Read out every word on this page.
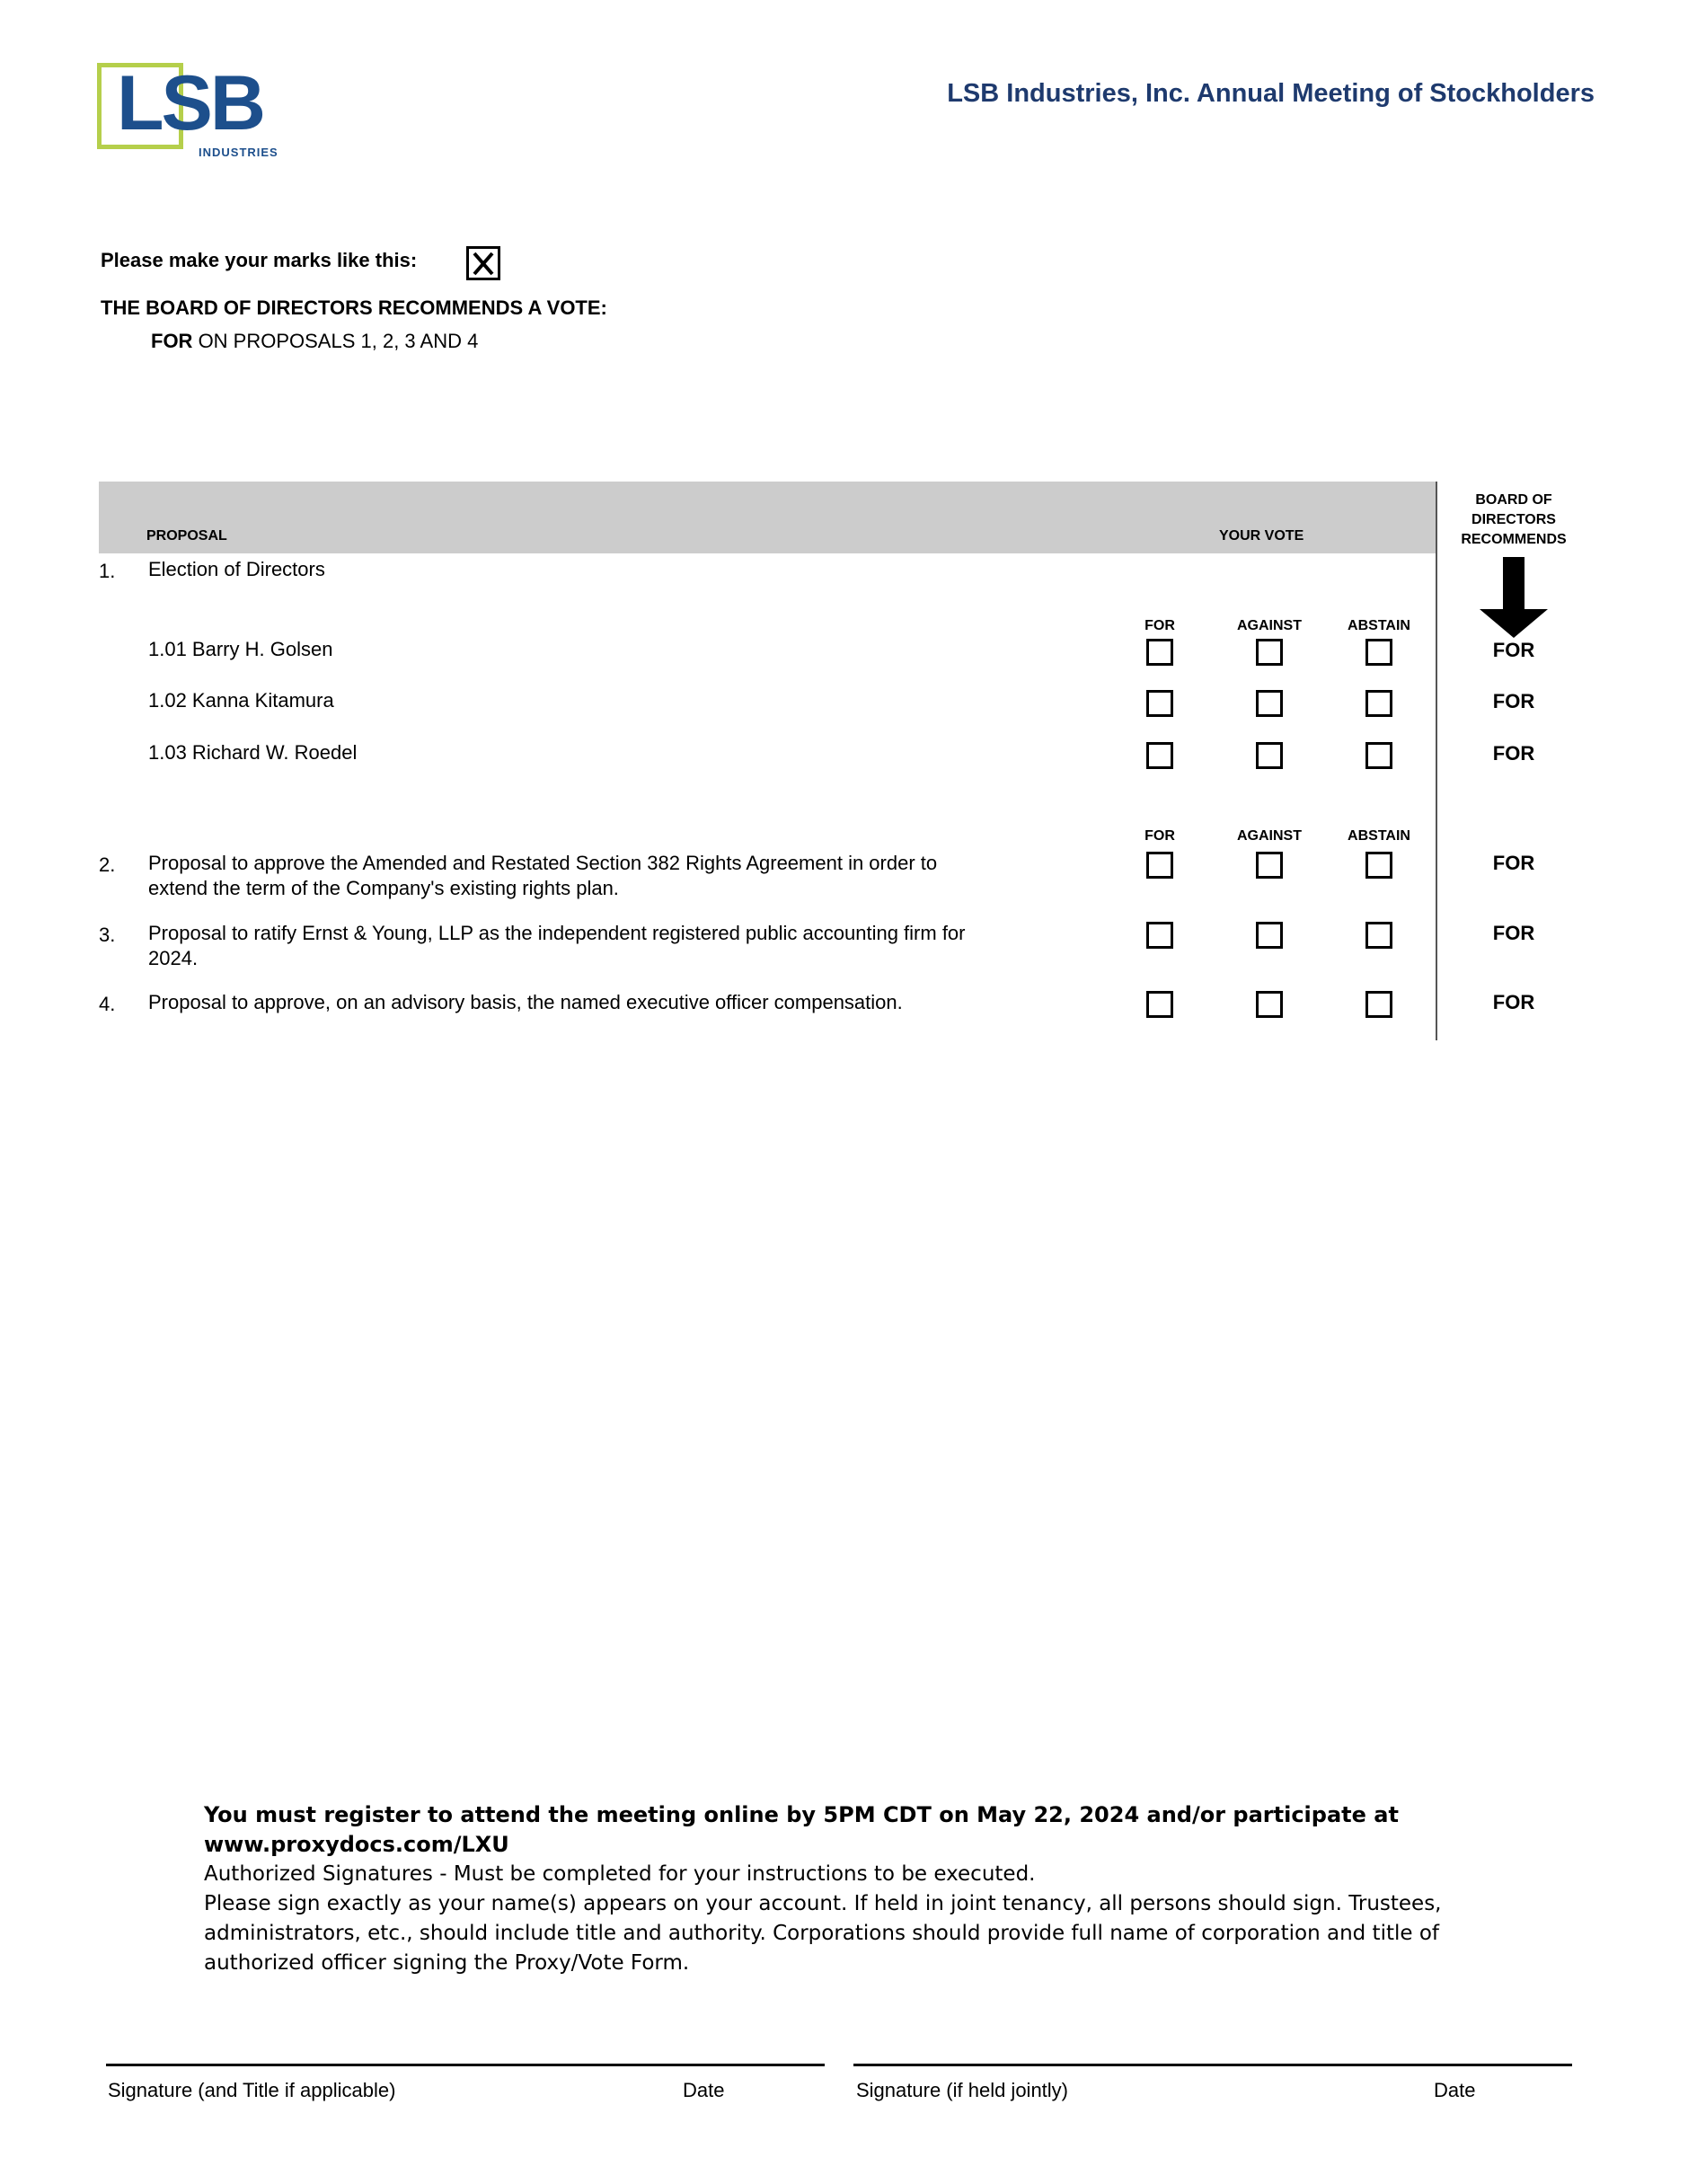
LSB
INDUSTRIES
LSB Industries, Inc. Annual Meeting of Stockholders
Please make your marks like this:
THE BOARD OF DIRECTORS RECOMMENDS A VOTE:
FOR ON PROPOSALS 1, 2, 3 AND 4
PROPOSAL	YOUR VOTE
BOARD OF
DIRECTORS
RECOMMENDS
1. Election of Directors
FOR	AGAINST	ABSTAIN
1.01 Barry H. Golsen	FOR
1.02 Kanna Kitamura	FOR
1.03 Richard W. Roedel	FOR
FOR	AGAINST	ABSTAIN
2. Proposal to approve the Amended and Restated Section 382 Rights Agreement in order to
extend the term of the Company's existing rights plan.
FOR
3. Proposal to ratify Ernst & Young, LLP as the independent registered public accounting firm for
2024.
FOR
4. Proposal to approve, on an advisory basis, the named executive officer compensation.	FOR
You must register to attend the meeting online by 5PM CDT on May 22, 2024 and/or participate at
www.proxydocs.com/LXU
Authorized Signatures - Must be completed for your instructions to be executed.
Please sign exactly as your name(s) appears on your account. If held in joint tenancy, all persons should sign. Trustees,
administrators, etc., should include title and authority. Corporations should provide full name of corporation and title of
authorized officer signing the Proxy/Vote Form.
Signature (and Title if applicable)	Date	Signature (if held jointly)	Date
